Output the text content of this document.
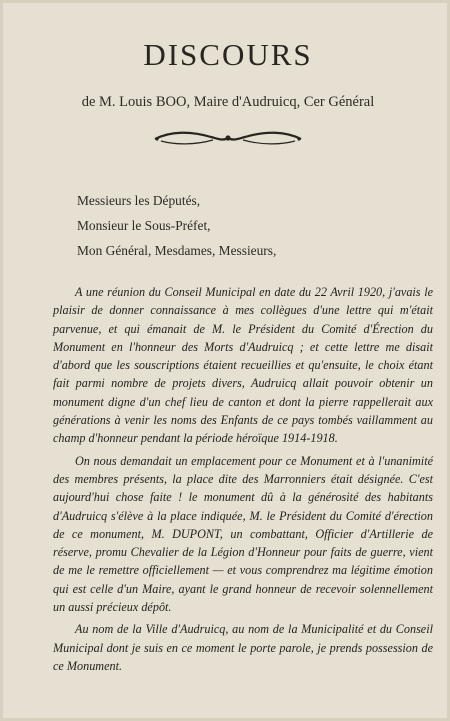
DISCOURS
de M. Louis BOO, Maire d'Audruicq, Cer Général
Messieurs les Députés,
Monsieur le Sous-Préfet,
Mon Général, Mesdames, Messieurs,

A une réunion du Conseil Municipal en date du 22 Avril 1920, j'avais le plaisir de donner connaissance à mes collègues d'une lettre qui m'était parvenue, et qui émanait de M. le Président du Comité d'Érection du Monument en l'honneur des Morts d'Audruicq ; et cette lettre me disait d'abord que les souscriptions étaient recueillies et qu'ensuite, le choix étant fait parmi nombre de projets divers, Audruicq allait pouvoir obtenir un monument digne d'un chef lieu de canton et dont la pierre rappellerait aux générations à venir les noms des Enfants de ce pays tombés vaillamment au champ d'honneur pendant la période héroïque 1914-1918.

On nous demandait un emplacement pour ce Monument et à l'unanimité des membres présents, la place dite des Marronniers était désignée. C'est aujourd'hui chose faite ! le monument dû à la générosité des habitants d'Audruicq s'élève à la place indiquée, M. le Président du Comité d'érection de ce monument, M. DUPONT, un combattant, Officier d'Artillerie de réserve, promu Chevalier de la Légion d'Honneur pour faits de guerre, vient de me le remettre officiellement — et vous comprendrez ma légitime émotion qui est celle d'un Maire, ayant le grand honneur de recevoir solennellement un aussi précieux dépôt.

Au nom de la Ville d'Audruicq, au nom de la Municipalité et du Conseil Municipal dont je suis en ce moment le porte parole, je prends possession de ce Monument.
